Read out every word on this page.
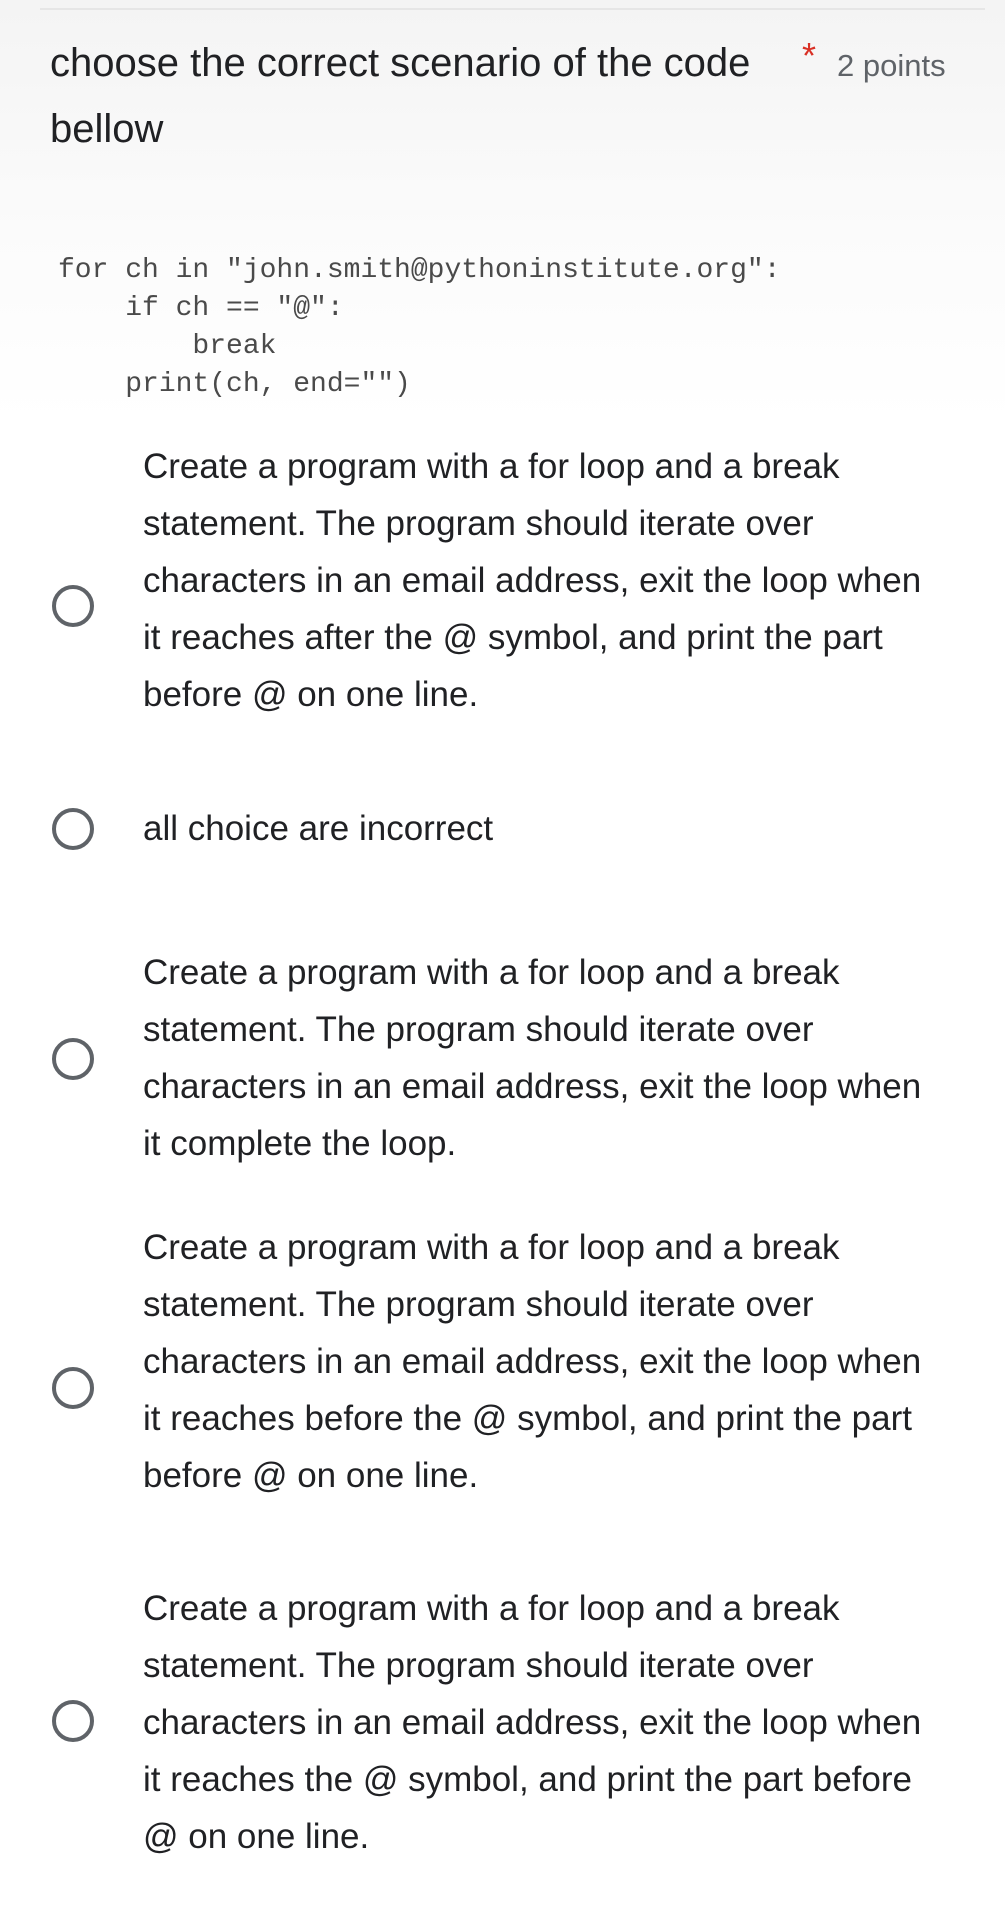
choose the correct scenario of the code bellow
* 2 points
for ch in "john.smith@pythoninstitute.org":
if ch == "@":
break
print(ch, end="")
Create a program with a for loop and a break statement. The program should iterate over characters in an email address, exit the loop when it reaches after the @ symbol, and print the part before @ on one line.
all choice are incorrect
Create a program with a for loop and a break statement. The program should iterate over characters in an email address, exit the loop when it complete the loop.
Create a program with a for loop and a break statement. The program should iterate over characters in an email address, exit the loop when it reaches before the @ symbol, and print the part before @ on one line.
Create a program with a for loop and a break statement. The program should iterate over characters in an email address, exit the loop when it reaches the @ symbol, and print the part before @ on one line.
